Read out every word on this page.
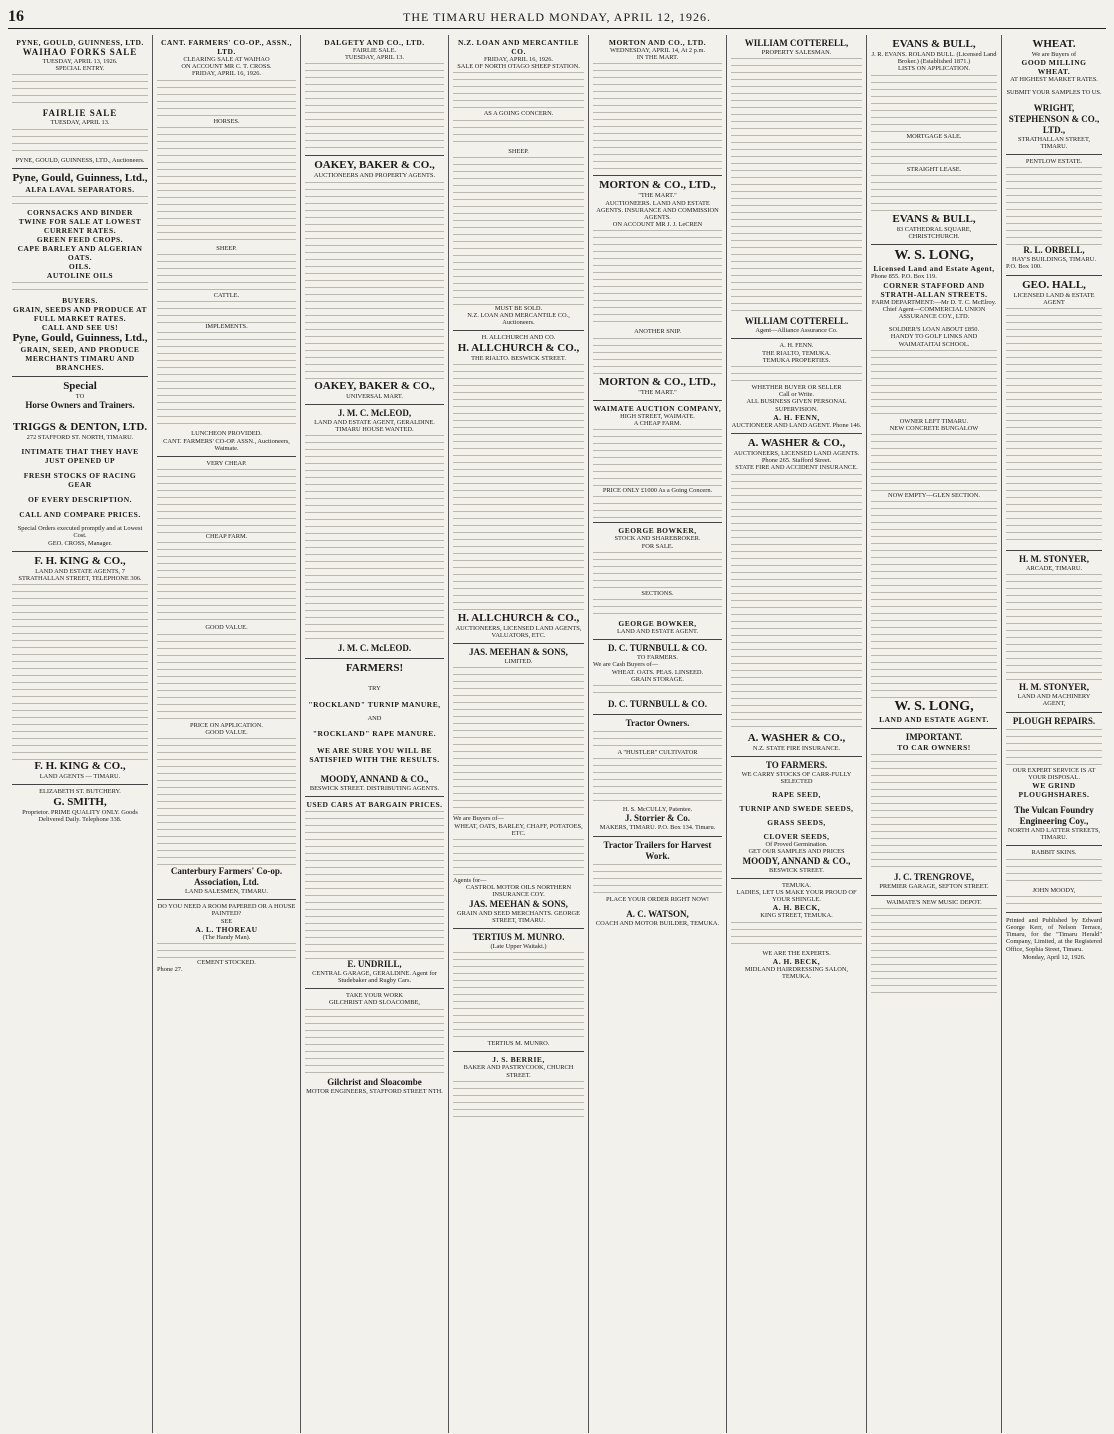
16	THE TIMARU HERALD MONDAY, APRIL 12, 1926.
PYNE, GOULD, GUINNESS, LTD.
WAIHAO FORKS SALE
TUESDAY, APRIL 13, 1926.
SPECIAL ENTRY.
FAIRLIE SALE
TUESDAY, APRIL 13.
PYNE, GOULD, GUINNESS, LTD., Auctioneers.
Pyne, Gould, Guinness, Ltd.,
ALFA LAVAL SEPARATORS.
CORNSACKS AND BINDER TWINE FOR SALE AT LOWEST CURRENT RATES.
GREEN FEED CROPS.
CAPE BARLEY AND ALGERIAN OATS.
OILS.
AUTOLINE OILS
BUYERS.
GRAIN, SEEDS AND PRODUCE AT FULL MARKET RATES.
CALL AND SEE US!
Pyne, Gould, Guinness, Ltd.,
GRAIN, SEED, AND PRODUCE MERCHANTS TIMARU AND BRANCHES.
Special
TO
Horse Owners and Trainers.
TRIGGS & DENTON, LTD.
272 STAFFORD ST. NORTH, TIMARU.
INTIMATE THAT THEY HAVE JUST OPENED UP
FRESH STOCKS OF RACING GEAR
OF EVERY DESCRIPTION.
CALL AND COMPARE PRICES.
Special Orders executed promptly and at Lowest Cost.
GEO. CROSS, Manager.
F. H. KING & CO.,
LAND AND ESTATE AGENTS, 7 STRATHALLAN STREET, TELEPHONE 306.
F. H. KING & CO.,
LAND AGENTS — TIMARU.
ELIZABETH ST. BUTCHERY.
G. SMITH,
Proprietor. PRIME QUALITY ONLY. Goods Delivered Daily. Telephone 338.
CANT. FARMERS' CO-OP., ASSN., LTD.
CLEARING SALE AT WAIHAO
ON ACCOUNT MR C. T. CROSS.
FRIDAY, APRIL 16, 1926.
HORSES.
SHEEP.
CATTLE.
IMPLEMENTS.
LUNCHEON PROVIDED.
CANT. FARMERS' CO-OP. ASSN., Auctioneers, Waimate.
VERY CHEAP.
CHEAP FARM.
GOOD VALUE.
PRICE ON APPLICATION.
GOOD VALUE.
Canterbury Farmers' Co-op. Association, Ltd.
LAND SALESMEN, TIMARU.
DO YOU NEED A ROOM PAPERED OR A HOUSE PAINTED?
SEE
A. L. THOREAU
(The Handy Man).
CEMENT STOCKED.
Phone 27.
DALGETY AND CO., LTD.
FAIRLIE SALE.
TUESDAY, APRIL 13.
OAKEY, BAKER & CO.,
AUCTIONEERS AND PROPERTY AGENTS.
OAKEY, BAKER & CO.,
UNIVERSAL MART.
J. M. C. McLEOD,
LAND AND ESTATE AGENT, GERALDINE.
TIMARU HOUSE WANTED.
J. M. C. McLEOD.
FARMERS!
TRY
"ROCKLAND" TURNIP MANURE,
AND
"ROCKLAND" RAPE MANURE.
WE ARE SURE YOU WILL BE SATISFIED WITH THE RESULTS.
MOODY, ANNAND & CO.,
BESWICK STREET. DISTRIBUTING AGENTS.
USED CARS AT BARGAIN PRICES.
E. UNDRILL,
CENTRAL GARAGE, GERALDINE. Agent for Studebaker and Rugby Cars.
TAKE YOUR WORK
GILCHRIST AND SLOACOMBE,
Gilchrist and Sloacombe
MOTOR ENGINEERS, STAFFORD STREET NTH.
N.Z. LOAN AND MERCANTILE CO.
FRIDAY, APRIL 16, 1926.
SALE OF NORTH OTAGO SHEEP STATION.
AS A GOING CONCERN.
SHEEP.
MUST BE SOLD.
N.Z. LOAN AND MERCANTILE CO., Auctioneers.
H. ALLCHURCH AND CO.
H. ALLCHURCH & CO.,
THE RIALTO. BESWICK STREET.
H. ALLCHURCH & CO.,
AUCTIONEERS, LICENSED LAND AGENTS, VALUATORS, ETC.
JAS. MEEHAN & SONS,
LIMITED.
We are Buyers of—
WHEAT, OATS, BARLEY, CHAFF, POTATOES, ETC.
Agents for—
CASTROL MOTOR OILS NORTHERN INSURANCE COY.
JAS. MEEHAN & SONS,
GRAIN AND SEED MERCHANTS. GEORGE STREET, TIMARU.
TERTIUS M. MUNRO.
(Late Upper Waitaki.)
TERTIUS M. MUNRO.
J. S. BERRIE,
BAKER AND PASTRYCOOK, CHURCH STREET.
MORTON AND CO., LTD.
WEDNESDAY, APRIL 14, At 2 p.m.
IN THE MART.
MORTON & CO., LTD.,
"THE MART."
AUCTIONEERS. LAND AND ESTATE AGENTS. INSURANCE AND COMMISSION AGENTS.
ON ACCOUNT MR J. J. LeCREN
ANOTHER SNIP.
MORTON & CO., LTD.,
"THE MART."
WAIMATE AUCTION COMPANY,
HIGH STREET, WAIMATE.
A CHEAP FARM.
PRICE ONLY £1000 As a Going Concern.
GEORGE BOWKER,
STOCK AND SHAREBROKER.
FOR SALE.
SECTIONS.
GEORGE BOWKER,
LAND AND ESTATE AGENT.
D. C. TURNBULL & CO.
TO FARMERS.
We are Cash Buyers of—
WHEAT. OATS. PEAS. LINSEED.
GRAIN STORAGE.
D. C. TURNBULL & CO.
Tractor Owners.
A "HUSTLER" CULTIVATOR
H. S. McCULLY, Patentee.
J. Storrier & Co.
MAKERS, TIMARU. P.O. Box 134. Timaru.
Tractor Trailers for Harvest Work.
PLACE YOUR ORDER RIGHT NOW!
A. C. WATSON,
COACH AND MOTOR BUILDER, TEMUKA.
WILLIAM COTTERELL,
PROPERTY SALESMAN.
WILLIAM COTTERELL.
Agent—Alliance Assurance Co.
A. H. FENN.
THE RIALTO, TEMUKA.
TEMUKA PROPERTIES.
WHETHER BUYER OR SELLER
Call or Write.
ALL BUSINESS GIVEN PERSONAL SUPERVISION.
A. H. FENN,
AUCTIONEER AND LAND AGENT. Phone 146.
A. WASHER & CO.,
AUCTIONEERS, LICENSED LAND AGENTS. Phone 265. Stafford Street.
STATE FIRE AND ACCIDENT INSURANCE.
A. WASHER & CO.,
N.Z. STATE FIRE INSURANCE.
TO FARMERS.
WE CARRY STOCKS OF CARR-FULLY SELECTED
RAPE SEED,
TURNIP AND SWEDE SEEDS,
GRASS SEEDS,
CLOVER SEEDS,
Of Proved Germination.
GET OUR SAMPLES AND PRICES
MOODY, ANNAND & CO.,
BESWICK STREET.
TEMUKA.
LADIES, LET US MAKE YOUR PROUD OF YOUR SHINGLE.
A. H. BECK,
KING STREET, TEMUKA.
WE ARE THE EXPERTS.
A. H. BECK,
MIDLAND HAIRDRESSING SALON, TEMUKA.
EVANS & BULL,
J. R. EVANS. ROLAND BULL. (Licensed Land Broker.) (Established 1871.)
LISTS ON APPLICATION.
MORTGAGE SALE.
STRAIGHT LEASE.
EVANS & BULL,
83 CATHEDRAL SQUARE, CHRISTCHURCH.
W. S. LONG,
Licensed Land and Estate Agent,
Phone 855. P.O. Box 119.
CORNER STAFFORD AND STRATH-ALLAN STREETS.
FARM DEPARTMENT:—Mr D. T. C. McElroy.
Chief Agent—COMMERCIAL UNION ASSURANCE COY., LTD.
SOLDIER'S LOAN ABOUT £850.
HANDY TO GOLF LINKS AND WAIMATAITAI SCHOOL.
OWNER LEFT TIMARU.
NEW CONCRETE BUNGALOW
NOW EMPTY—GLEN SECTION.
W. S. LONG,
LAND AND ESTATE AGENT.
IMPORTANT.
TO CAR OWNERS!
J. C. TRENGROVE,
PREMIER GARAGE, SEFTON STREET.
WAIMATE'S NEW MUSIC DEPOT.
WHEAT.
We are Buyers of
GOOD MILLING WHEAT.
AT HIGHEST MARKET RATES.
SUBMIT YOUR SAMPLES TO US.
WRIGHT, STEPHENSON & CO., LTD.,
STRATHALLAN STREET, TIMARU.
PENTLOW ESTATE.
R. L. ORBELL,
HAY'S BUILDINGS, TIMARU.
P.O. Box 100.
GEO. HALL,
LICENSED LAND & ESTATE AGENT
H. M. STONYER,
ARCADE, TIMARU.
H. M. STONYER,
LAND AND MACHINERY AGENT,
PLOUGH REPAIRS.
OUR EXPERT SERVICE IS AT YOUR DISPOSAL.
WE GRIND PLOUGHSHARES.
The Vulcan Foundry
Engineering Coy.,
NORTH AND LATTER STREETS, TIMARU.
RABBIT SKINS.
JOHN MOODY,

Printed and Published by Edward George Kerr, of Nelson Terrace, Timaru, for the "Timaru Herald" Company, Limited, at the Registered Office, Sophia Street, Timaru.

Monday, April 12, 1926.
